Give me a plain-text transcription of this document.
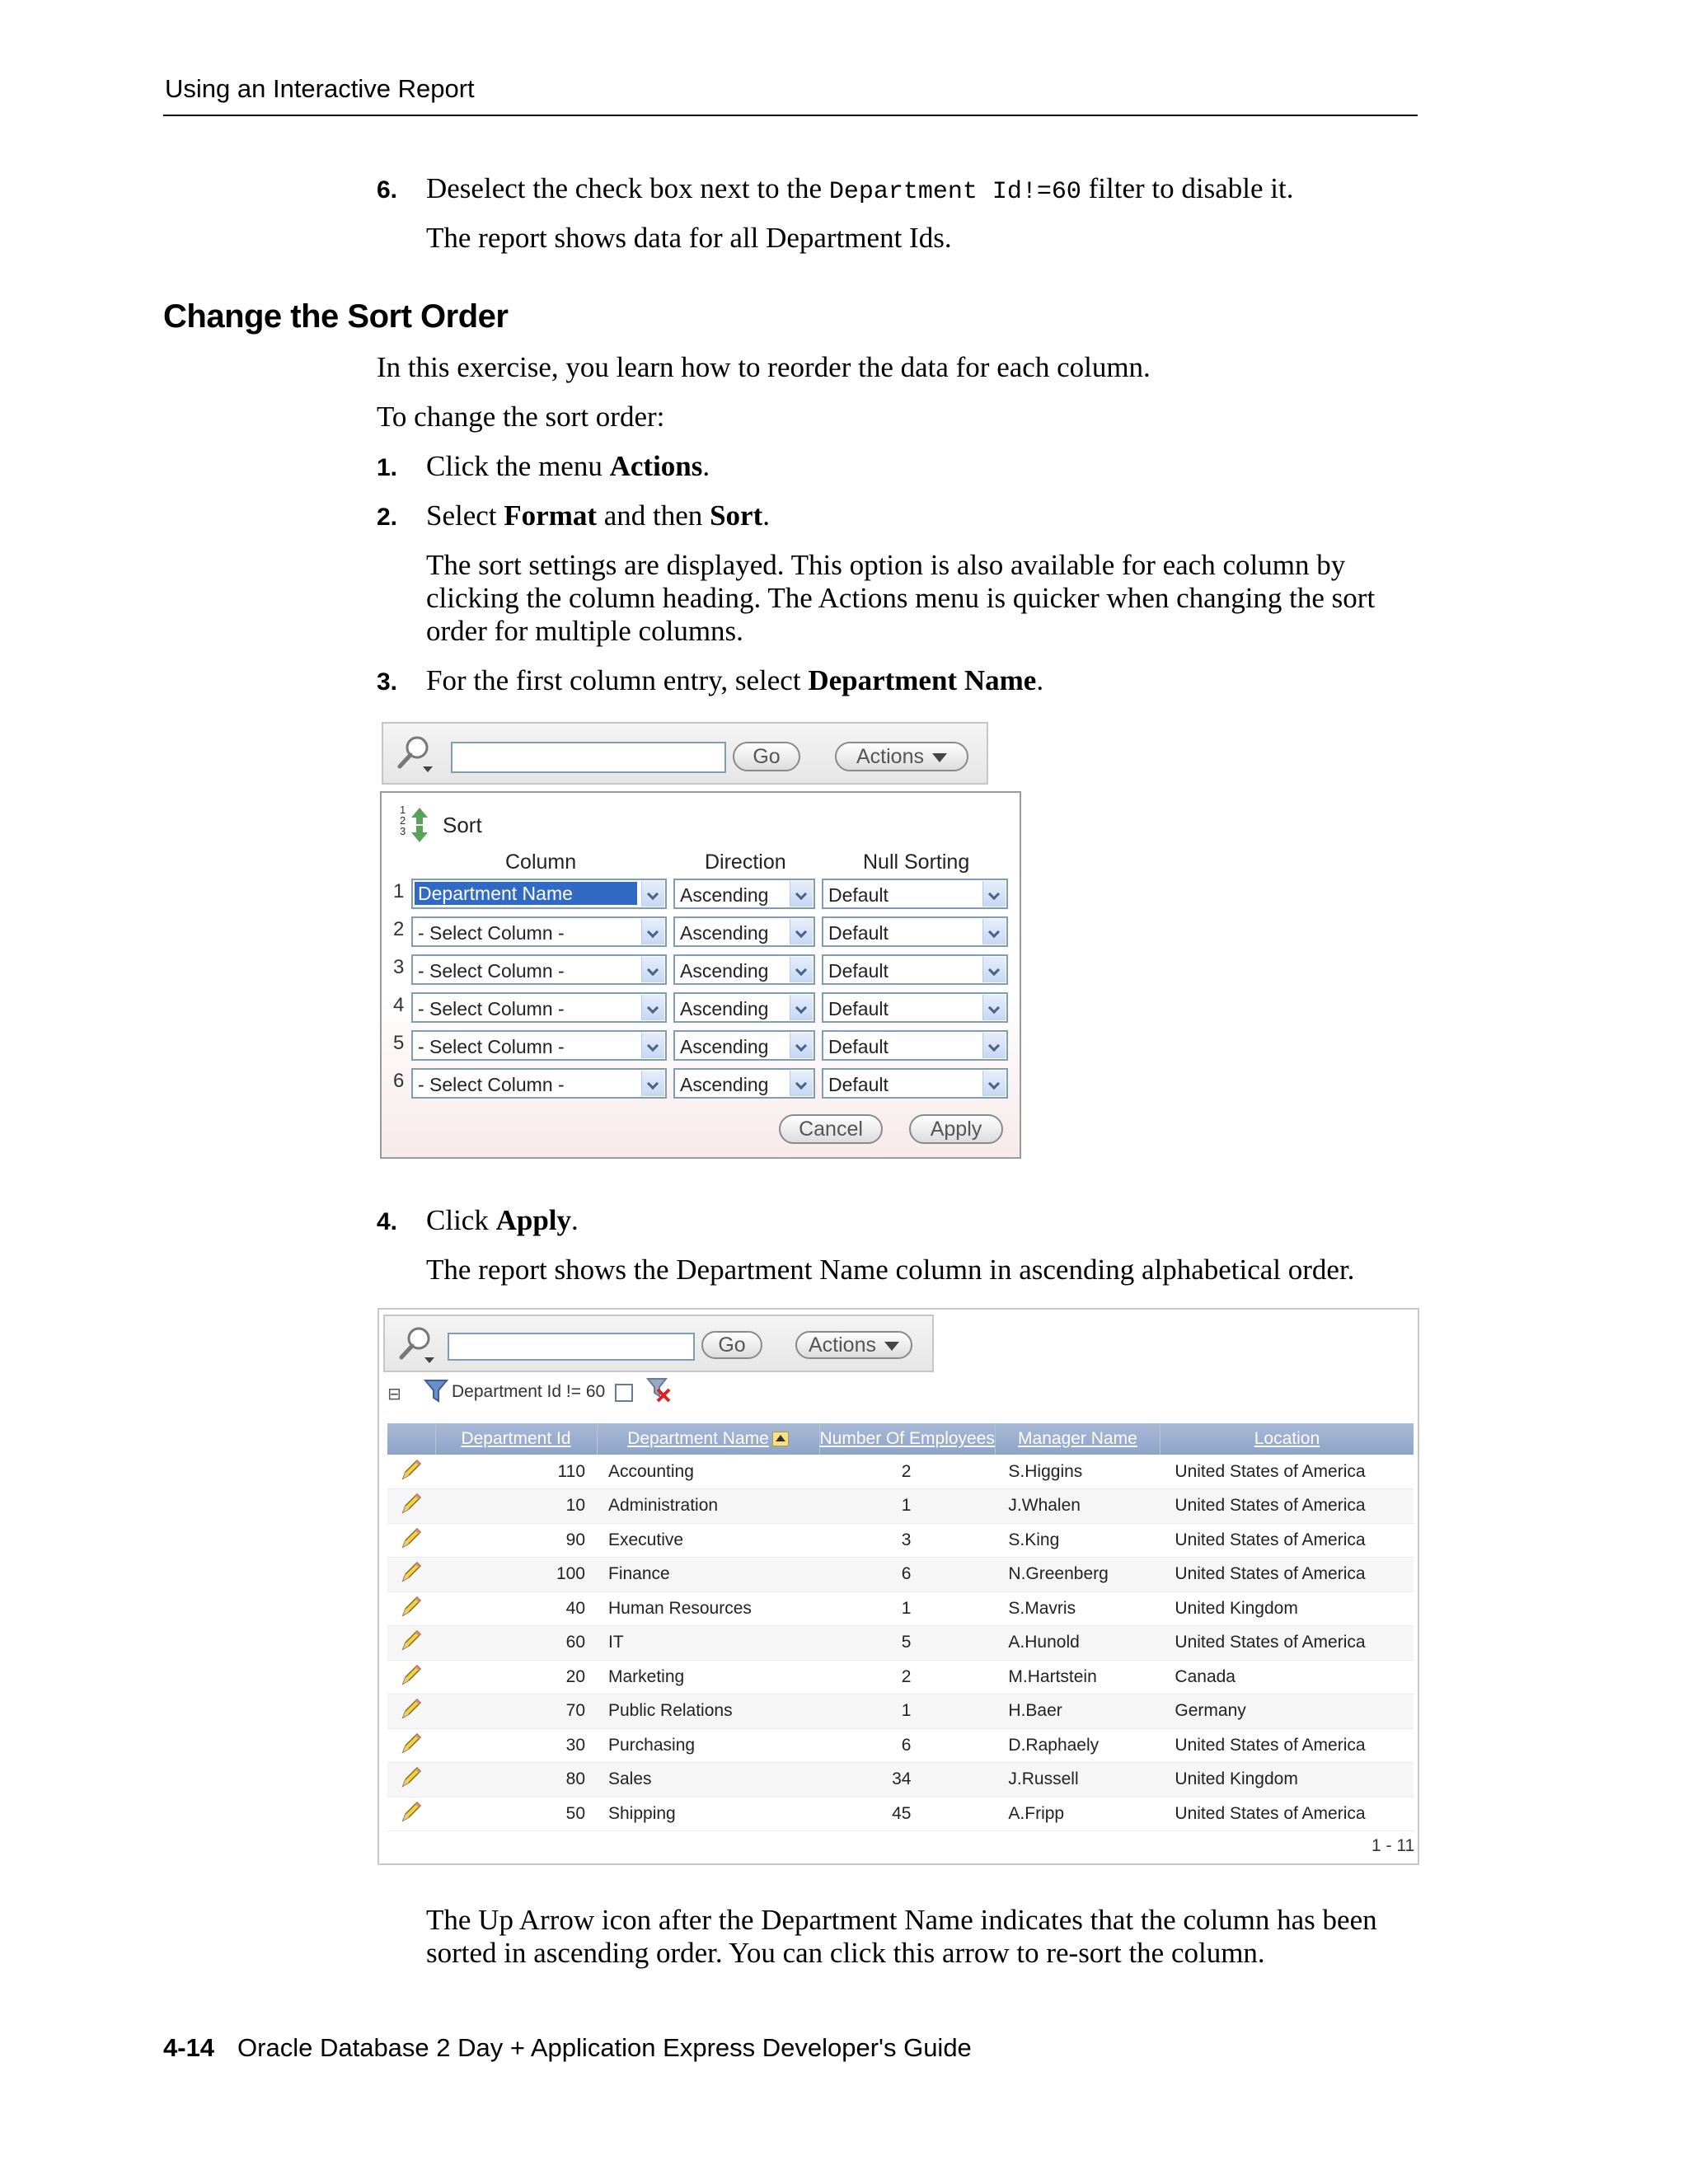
Using an Interactive Report
6. Deselect the check box next to the Department Id!=60 filter to disable it.
The report shows data for all Department Ids.
Change the Sort Order
In this exercise, you learn how to reorder the data for each column.
To change the sort order:
1. Click the menu Actions.
2. Select Format and then Sort.
The sort settings are displayed. This option is also available for each column by
clicking the column heading. The Actions menu is quicker when changing the sort
order for multiple columns.
3. For the first column entry, select Department Name.
Go	Actions
1 2 3 Sort
Column	Direction	Null Sorting
1 Department Name	Ascending	Default
2 - Select Column -	Ascending	Default
3 - Select Column -	Ascending	Default
4 - Select Column -	Ascending	Default
5 - Select Column -	Ascending	Default
6 - Select Column -	Ascending	Default
Cancel	Apply
4. Click Apply.
The report shows the Department Name column in ascending alphabetical order.
Go	Actions
⊟	Department Id != 60
	Department Id	Department Name	Number Of Employees	Manager Name	Location
	110	Accounting	2	S.Higgins	United States of America
	10	Administration	1	J.Whalen	United States of America
	90	Executive	3	S.King	United States of America
	100	Finance	6	N.Greenberg	United States of America
	40	Human Resources	1	S.Mavris	United Kingdom
	60	IT	5	A.Hunold	United States of America
	20	Marketing	2	M.Hartstein	Canada
	70	Public Relations	1	H.Baer	Germany
	30	Purchasing	6	D.Raphaely	United States of America
	80	Sales	34	J.Russell	United Kingdom
	50	Shipping	45	A.Fripp	United States of America
1 - 11
The Up Arrow icon after the Department Name indicates that the column has been
sorted in ascending order. You can click this arrow to re-sort the column.
4-14 Oracle Database 2 Day + Application Express Developer's Guide
